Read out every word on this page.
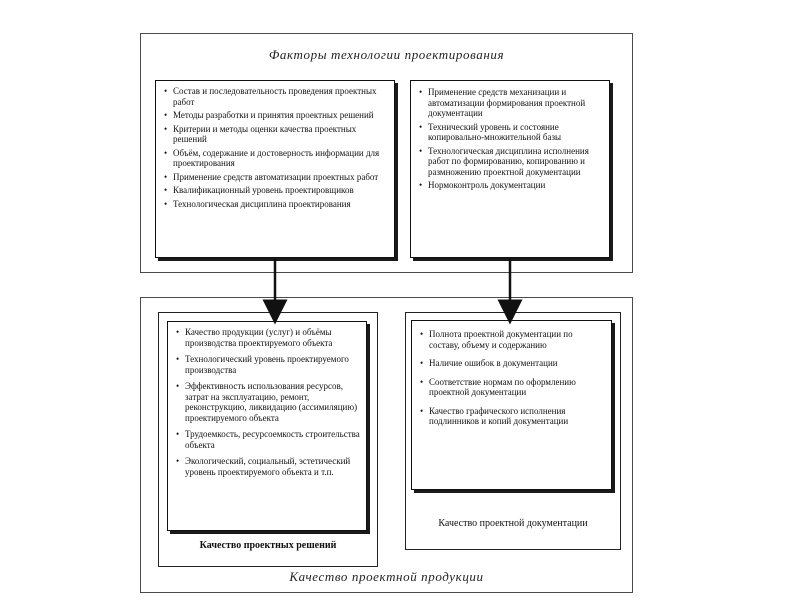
Факторы технологии проектирования
Качество проектной продукции
• Состав и последовательность проведения проектных работ
• Методы разработки и принятия проектных решений
• Критерии и методы оценки качества проектных решений
• Объём, содержание и достоверность информации для проектирования
• Применение средств автоматизации проектных работ
• Квалификационный уровень проектировщиков
• Технологическая дисциплина проектирования
• Применение средств механизации и автоматизации формирования проектной документации
• Технический уровень и состояние копировально-множительной базы
• Технологическая дисциплина исполнения работ по формированию, копированию и размножению проектной документации
• Нормоконтроль документации
• Качество продукции (услуг) и объёмы производства проектируемого объекта
• Технологический уровень проектируемого производства
• Эффективность использования ресурсов, затрат на эксплуатацию, ремонт, реконструкцию, ликвидацию (ассимиляцию) проектируемого объекта
• Трудоемкость, ресурсоемкость строительства объекта
• Экологический, социальный, эстетический уровень проектируемого объекта и т.п.
Качество проектных решений
• Полнота проектной документации по составу, объему и содержанию
• Наличие ошибок в документации
• Соответствие нормам по оформлению проектной документации
• Качество графического исполнения подлинников и копий документации
Качество проектной документации
